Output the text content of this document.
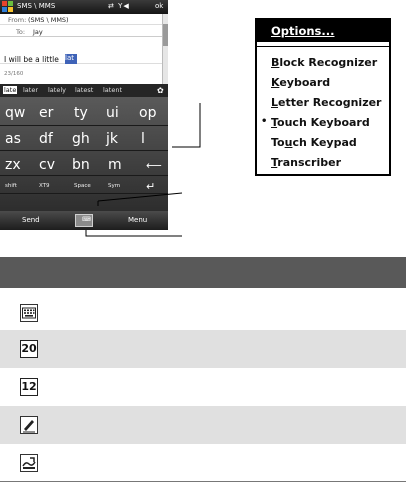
SMS \ MMS	⇄ Y◀	ok
From: (SMS \ MMS)
To: Jay
I will be a little lat
23/160
late later lately latest latent	✿
qw er ty ui op
as df gh jk l
zx cv bn m ⟵
shift	XT9	Space	Sym ↵
Send	⌨	Menu
Options...
Block Recognizer
Keyboard
Letter Recognizer
• Touch Keyboard
Touch Keypad
Transcriber
20
12
